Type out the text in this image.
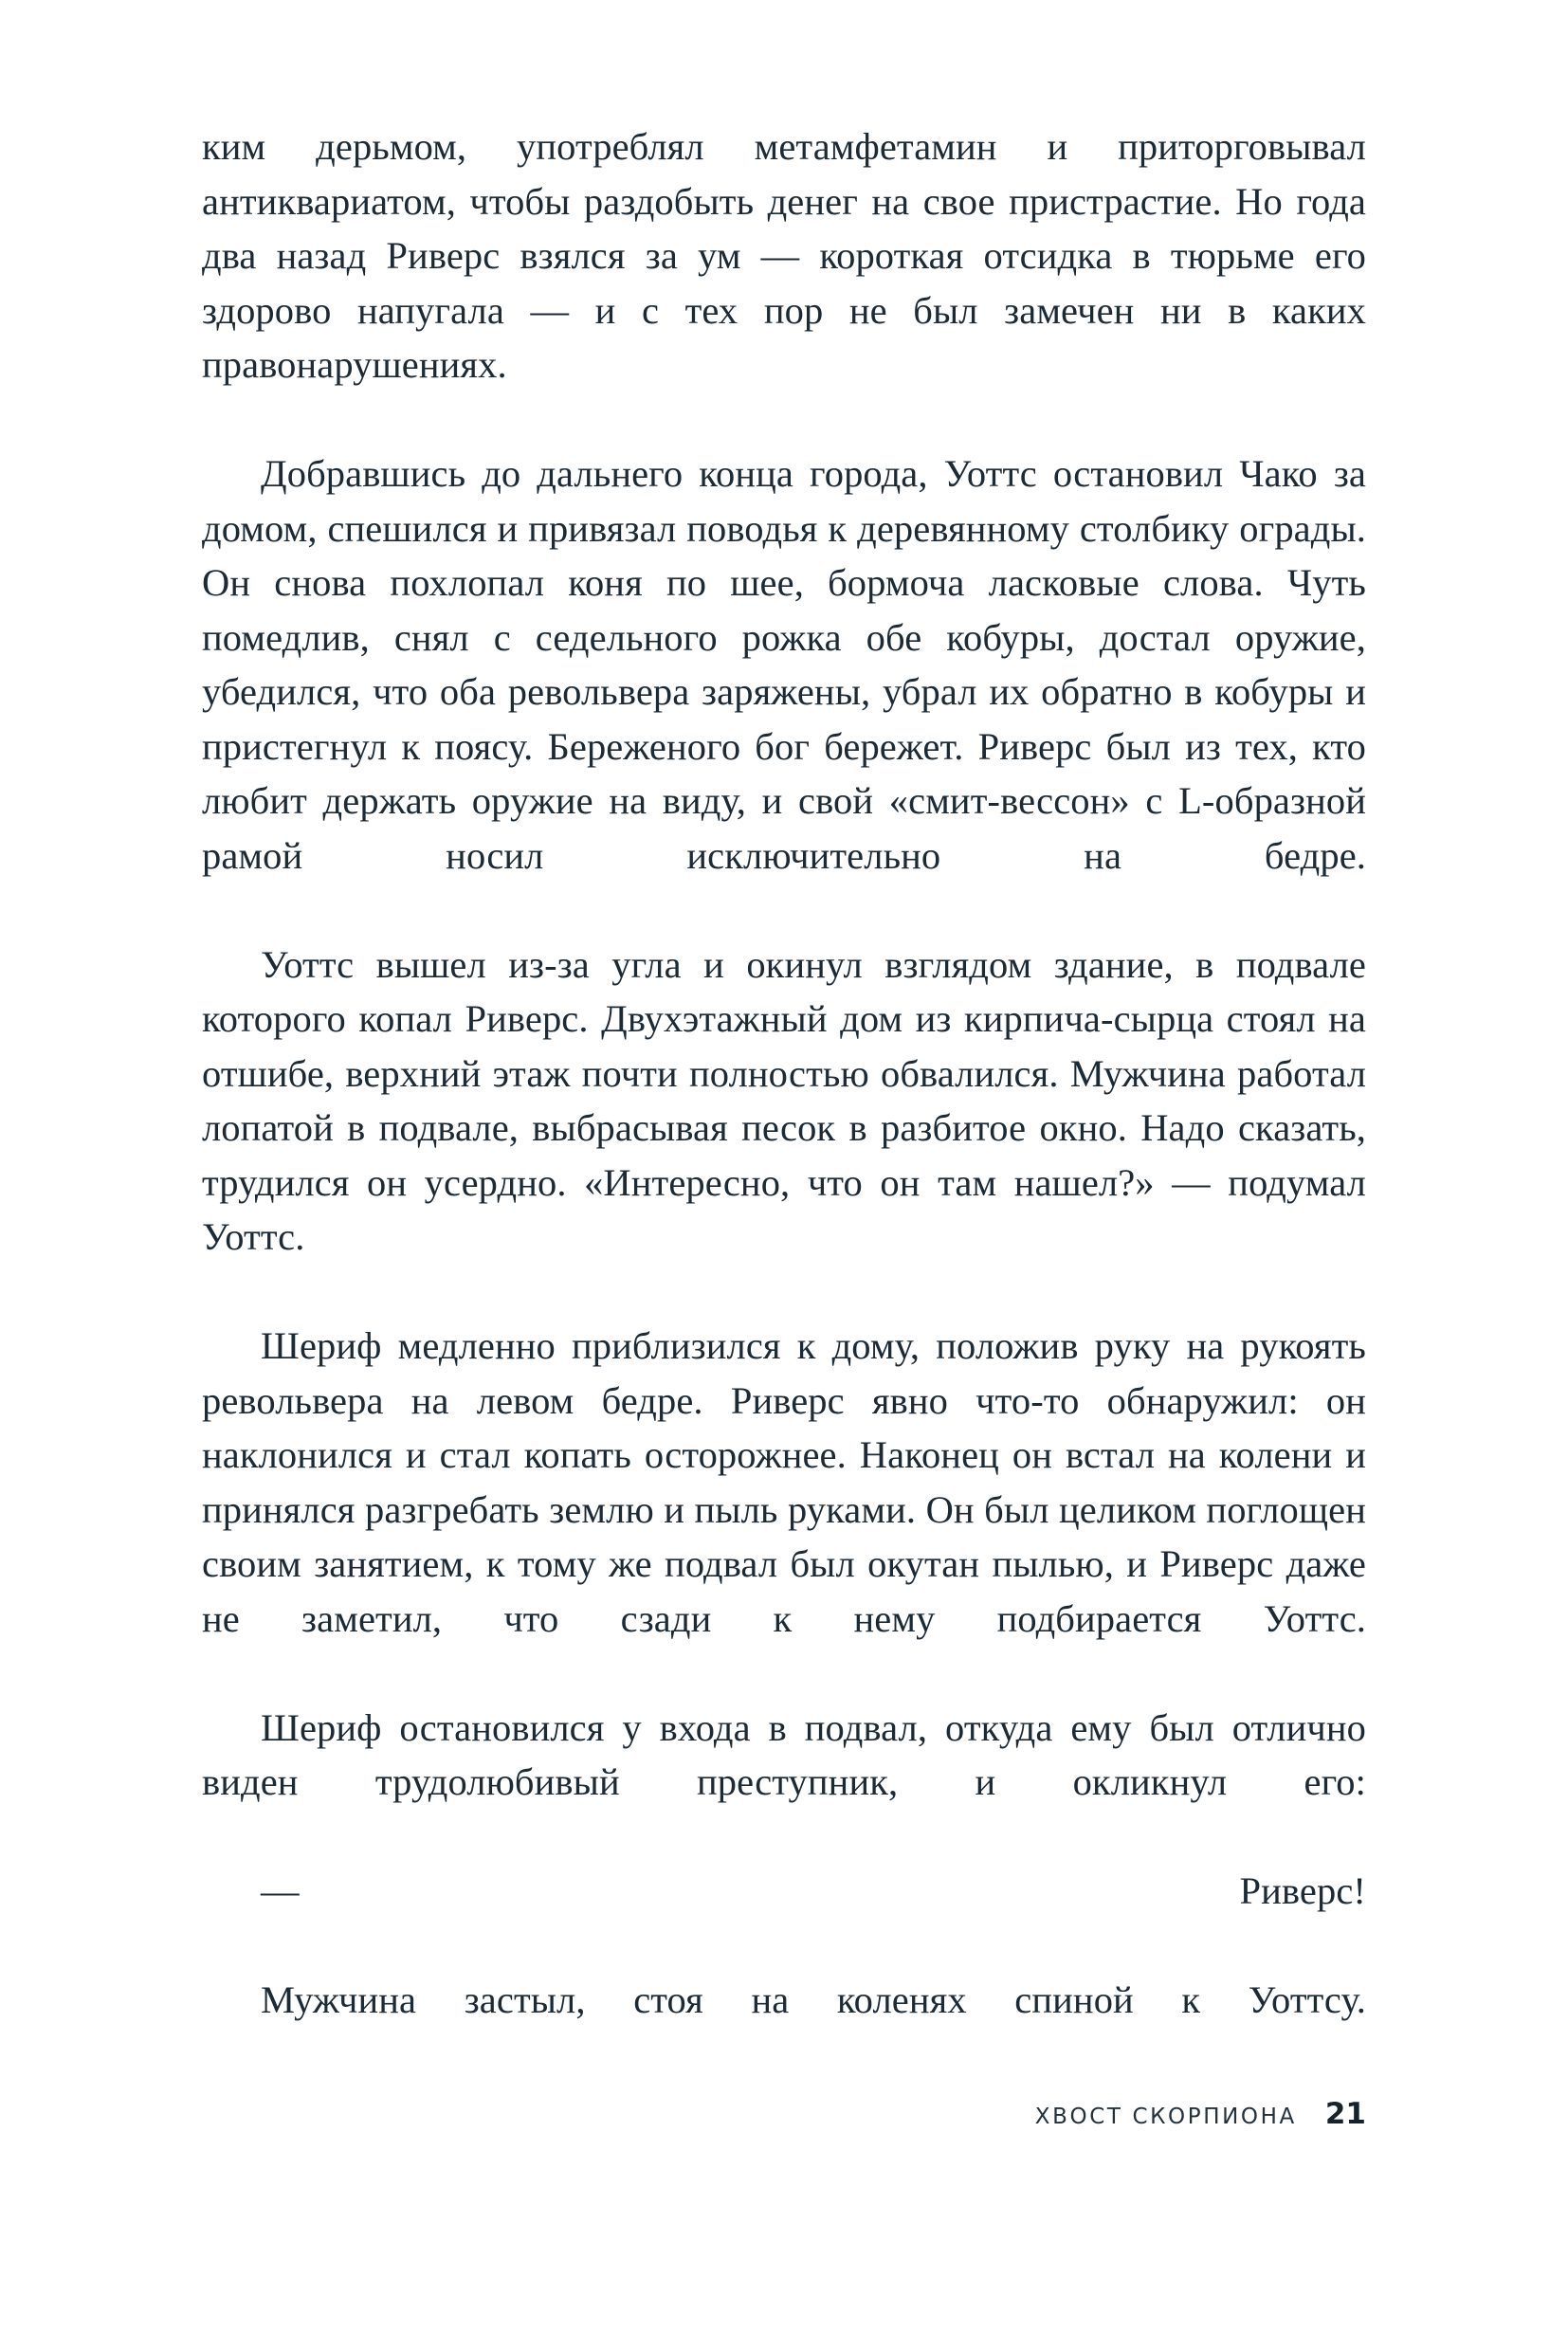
ким дерьмом, употреблял метамфетамин и приторговывал антиквариатом, чтобы раздобыть денег на свое пристрастие. Но года два назад Риверс взялся за ум — короткая отсидка в тюрьме его здорово напугала — и с тех пор не был замечен ни в каких правонарушениях.

Добравшись до дальнего конца города, Уоттс остановил Чако за домом, спешился и привязал поводья к деревянному столбику ограды. Он снова похлопал коня по шее, бормоча ласковые слова. Чуть помедлив, снял с седельного рожка обе кобуры, достал оружие, убедился, что оба револьвера заряжены, убрал их обратно в кобуры и пристегнул к поясу. Береженого бог бережет. Риверс был из тех, кто любит держать оружие на виду, и свой «смит-вессон» с L-образной рамой носил исключительно на бедре.

Уоттс вышел из-за угла и окинул взглядом здание, в подвале которого копал Риверс. Двухэтажный дом из кирпича-сырца стоял на отшибе, верхний этаж почти полностью обвалился. Мужчина работал лопатой в подвале, выбрасывая песок в разбитое окно. Надо сказать, трудился он усердно. «Интересно, что он там нашел?» — подумал Уоттс.

Шериф медленно приблизился к дому, положив руку на рукоять револьвера на левом бедре. Риверс явно что-то обнаружил: он наклонился и стал копать осторожнее. Наконец он встал на колени и принялся разгребать землю и пыль руками. Он был целиком поглощен своим занятием, к тому же подвал был окутан пылью, и Риверс даже не заметил, что сзади к нему подбирается Уоттс.

Шериф остановился у входа в подвал, откуда ему был отлично виден трудолюбивый преступник, и окликнул его:

— Риверс!

Мужчина застыл, стоя на коленях спиной к Уоттсу.

ХВОСТ СКОРПИОНА 21
